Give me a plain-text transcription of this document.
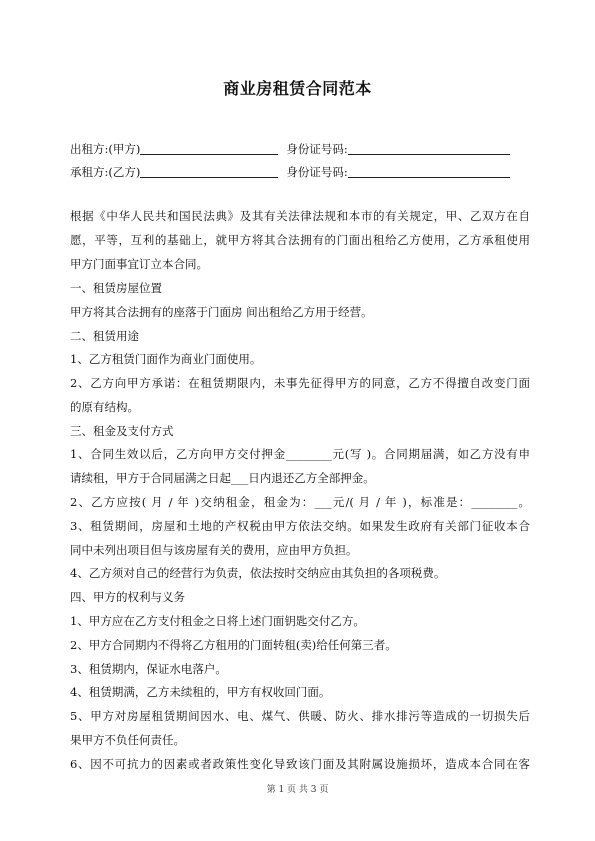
商业房租赁合同范本
出租方:(甲方)	身份证号码:
承租方:(乙方)	身份证号码:
根据《中华人民共和国民法典》及其有关法律法规和本市的有关规定，甲、乙双方在自
愿，平等，互利的基础上，就甲方将其合法拥有的门面出租给乙方使用，乙方承租使用
甲方门面事宜订立本合同。
一、租赁房屋位置
甲方将其合法拥有的座落于门面房 间出租给乙方用于经营。
二、租赁用途
1、乙方租赁门面作为商业门面使用。
2、乙方向甲方承诺：在租赁期限内，未事先征得甲方的同意，乙方不得擅自改变门面
的原有结构。
三、租金及支付方式
1、合同生效以后，乙方向甲方交付押金________元(写 )。合同期届满，如乙方没有申
请续租，甲方于合同届满之日起___日内退还乙方全部押金。
2、乙方应按( 月 / 年 )交纳租金，租金为：___元/( 月 / 年 )，标准是：________。
3、租赁期间，房屋和土地的产权税由甲方依法交纳。如果发生政府有关部门征收本合
同中未列出项目但与该房屋有关的费用，应由甲方负担。
4、乙方须对自己的经营行为负责，依法按时交纳应由其负担的各项税费。
四、甲方的权利与义务
1、甲方应在乙方支付租金之日将上述门面钥匙交付乙方。
2、甲方合同期内不得将乙方租用的门面转租(卖)给任何第三者。
3、租赁期内，保证水电落户。
4、租赁期满，乙方未续租的，甲方有权收回门面。
5、甲方对房屋租赁期间因水、电、煤气、供暖、防火、排水排污等造成的一切损失后
果甲方不负任何责任。
6、因不可抗力的因素或者政策性变化导致该门面及其附属设施损坏，造成本合同在客
第 1 页 共 3 页
